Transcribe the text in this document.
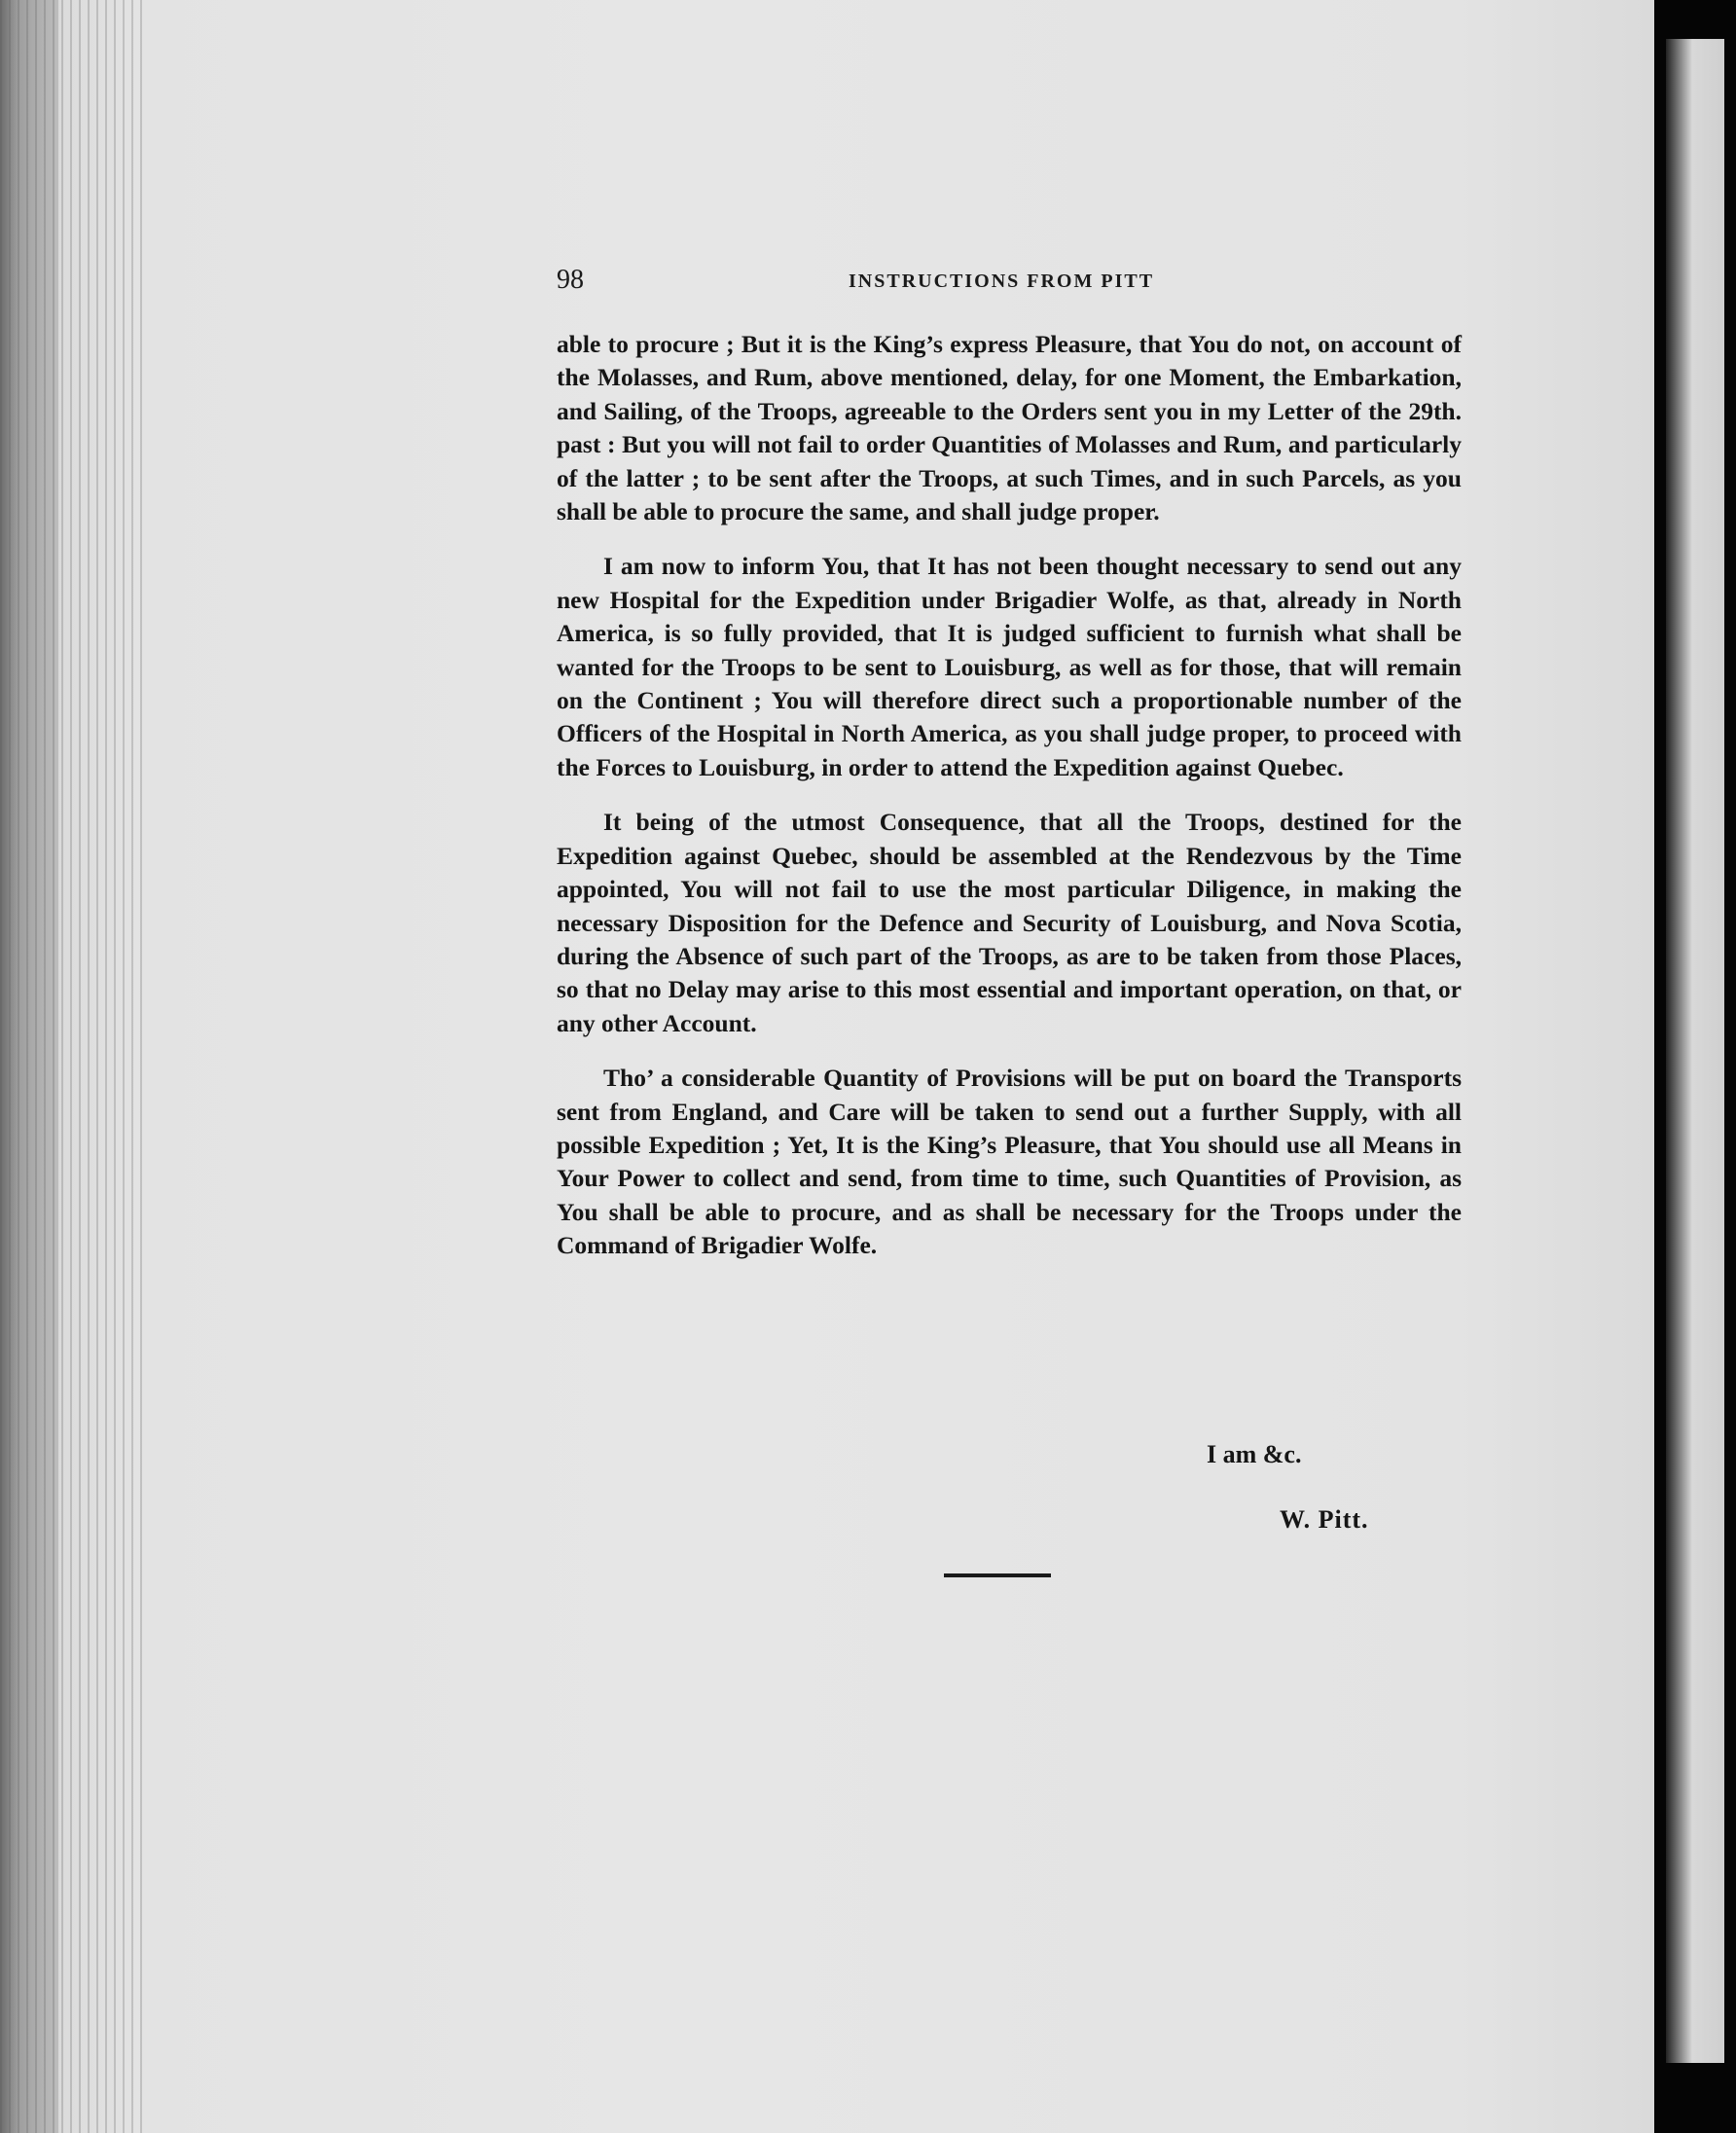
98	INSTRUCTIONS FROM PITT

able to procure ; But it is the King’s express Pleasure, that You do not, on account of the Molasses, and Rum, above mentioned, delay, for one Moment, the Embarkation, and Sailing, of the Troops, agreeable to the Orders sent you in my Letter of the 29th. past : But you will not fail to order Quantities of Molasses and Rum, and particularly of the latter ; to be sent after the Troops, at such Times, and in such Parcels, as you shall be able to procure the same, and shall judge proper.

I am now to inform You, that It has not been thought necessary to send out any new Hospital for the Expedition under Brigadier Wolfe, as that, already in North America, is so fully provided, that It is judged sufficient to furnish what shall be wanted for the Troops to be sent to Louisburg, as well as for those, that will remain on the Continent ; You will therefore direct such a proportionable number of the Officers of the Hospital in North America, as you shall judge proper, to proceed with the Forces to Louisburg, in order to attend the Expedition against Quebec.

It being of the utmost Consequence, that all the Troops, destined for the Expedition against Quebec, should be assembled at the Rendezvous by the Time appointed, You will not fail to use the most particular Diligence, in making the necessary Disposition for the Defence and Security of Louisburg, and Nova Scotia, during the Absence of such part of the Troops, as are to be taken from those Places, so that no Delay may arise to this most essential and important operation, on that, or any other Account.

Tho’ a considerable Quantity of Provisions will be put on board the Transports sent from England, and Care will be taken to send out a further Supply, with all possible Expedition ; Yet, It is the King’s Pleasure, that You should use all Means in Your Power to collect and send, from time to time, such Quantities of Provision, as You shall be able to procure, and as shall be necessary for the Troops under the Command of Brigadier Wolfe.

I am &c.
W. Pitt.
